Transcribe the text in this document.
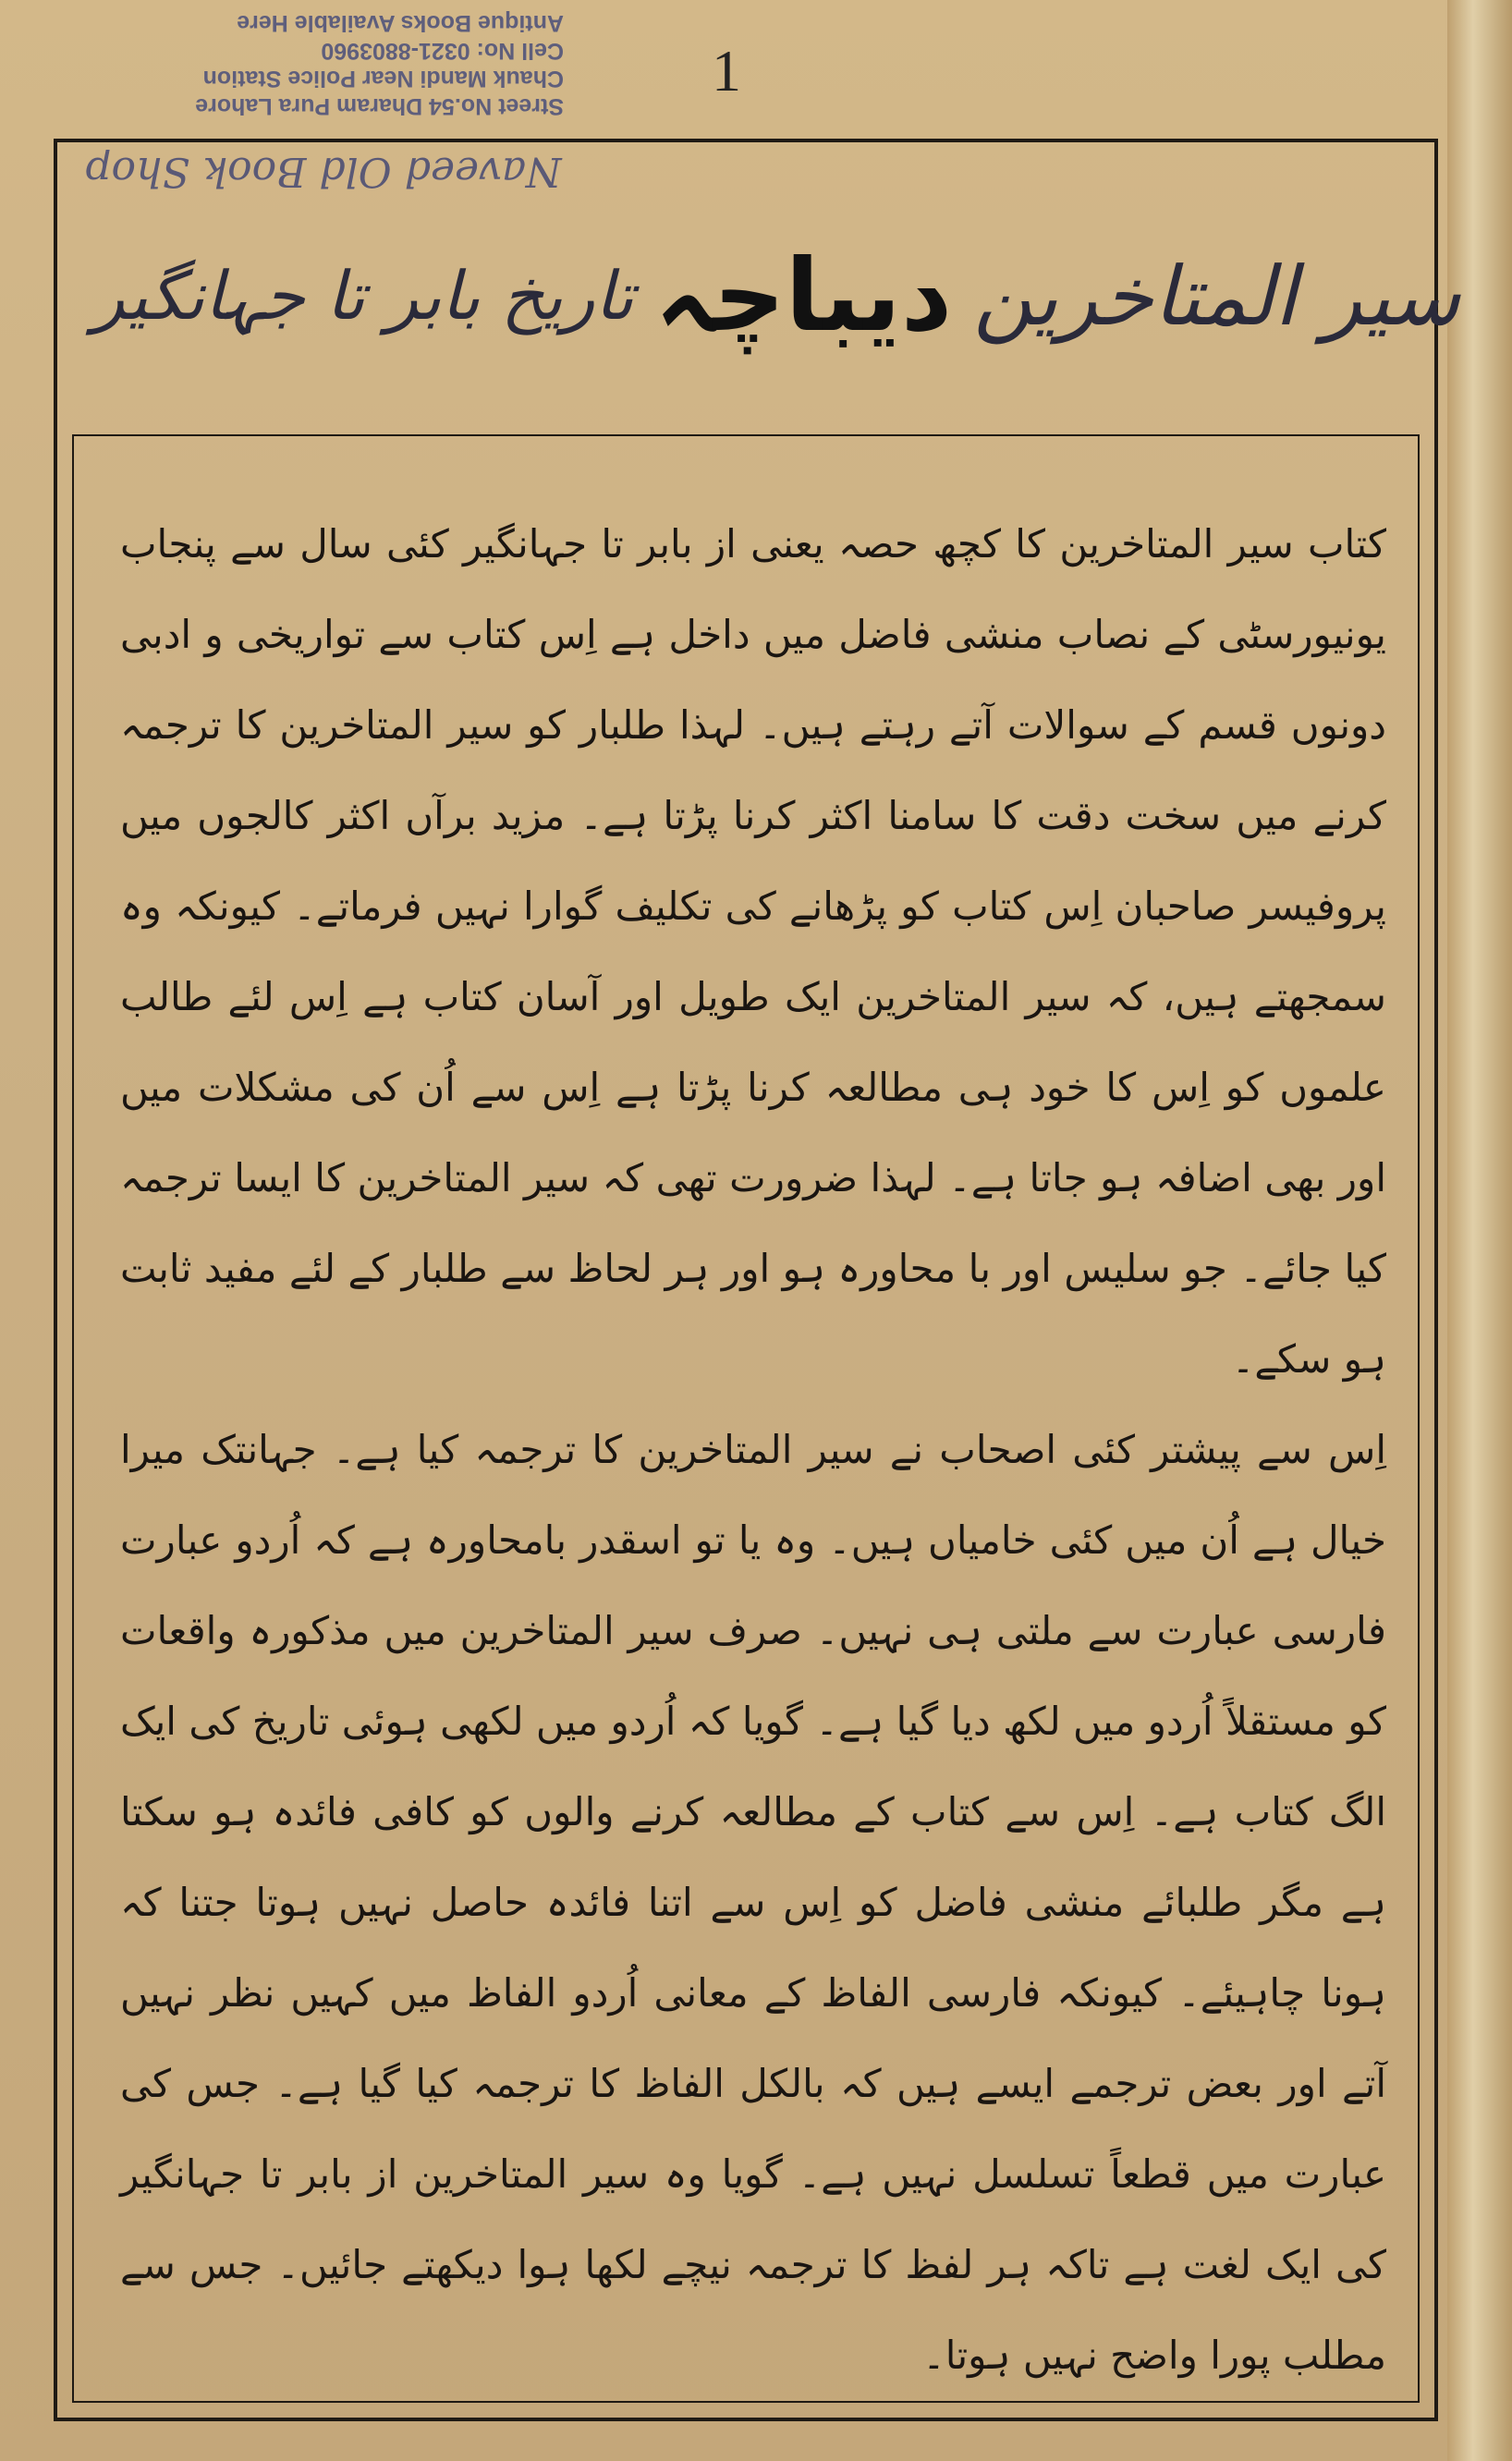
Street No.54 Dharam Pura Lahore
Chauk Mandi Near Police Station
Cell No: 0321-8803960
Antique Books Available Here
1
Naveed Old Book Shop
سیر المتاخرین
دیباچہ
تاریخ بابر تا جہانگیر

کتاب سیر المتاخرین کا کچھ حصہ یعنی از بابر تا جہانگیر کئی سال سے پنجاب یونیورسٹی کے نصاب منشی فاضل میں داخل ہے اِس کتاب سے تواریخی و ادبی دونوں قسم کے سوالات آتے رہتے ہیں۔ لہذا طلبار کو سیر المتاخرین کا ترجمہ کرنے میں سخت دقت کا سامنا اکثر کرنا پڑتا ہے۔ مزید برآں اکثر کالجوں میں پروفیسر صاحبان اِس کتاب کو پڑھانے کی تکلیف گوارا نہیں فرماتے۔ کیونکہ وہ سمجھتے ہیں، کہ سیر المتاخرین ایک طویل اور آسان کتاب ہے اِس لئے طالب علموں کو اِس کا خود ہی مطالعہ کرنا پڑتا ہے اِس سے اُن کی مشکلات میں اور بھی اضافہ ہو جاتا ہے۔ لہذا ضرورت تھی کہ سیر المتاخرین کا ایسا ترجمہ کیا جائے۔ جو سلیس اور با محاورہ ہو اور ہر لحاظ سے طلبار کے لئے مفید ثابت ہو سکے۔

اِس سے پیشتر کئی اصحاب نے سیر المتاخرین کا ترجمہ کیا ہے۔ جہانتک میرا خیال ہے اُن میں کئی خامیاں ہیں۔ وہ یا تو اسقدر بامحاورہ ہے کہ اُردو عبارت فارسی عبارت سے ملتی ہی نہیں۔ صرف سیر المتاخرین میں مذکورہ واقعات کو مستقلاً اُردو میں لکھ دیا گیا ہے۔ گویا کہ اُردو میں لکھی ہوئی تاریخ کی ایک الگ کتاب ہے۔ اِس سے کتاب کے مطالعہ کرنے والوں کو کافی فائدہ ہو سکتا ہے مگر طلبائے منشی فاضل کو اِس سے اتنا فائدہ حاصل نہیں ہوتا جتنا کہ ہونا چاہیئے۔ کیونکہ فارسی الفاظ کے معانی اُردو الفاظ میں کہیں نظر نہیں آتے اور بعض ترجمے ایسے ہیں کہ بالکل الفاظ کا ترجمہ کیا گیا ہے۔ جس کی عبارت میں قطعاً تسلسل نہیں ہے۔ گویا وہ سیر المتاخرین از بابر تا جہانگیر کی ایک لغت ہے تاکہ ہر لفظ کا ترجمہ نیچے لکھا ہوا دیکھتے جائیں۔ جس سے مطلب پورا واضح نہیں ہوتا۔
